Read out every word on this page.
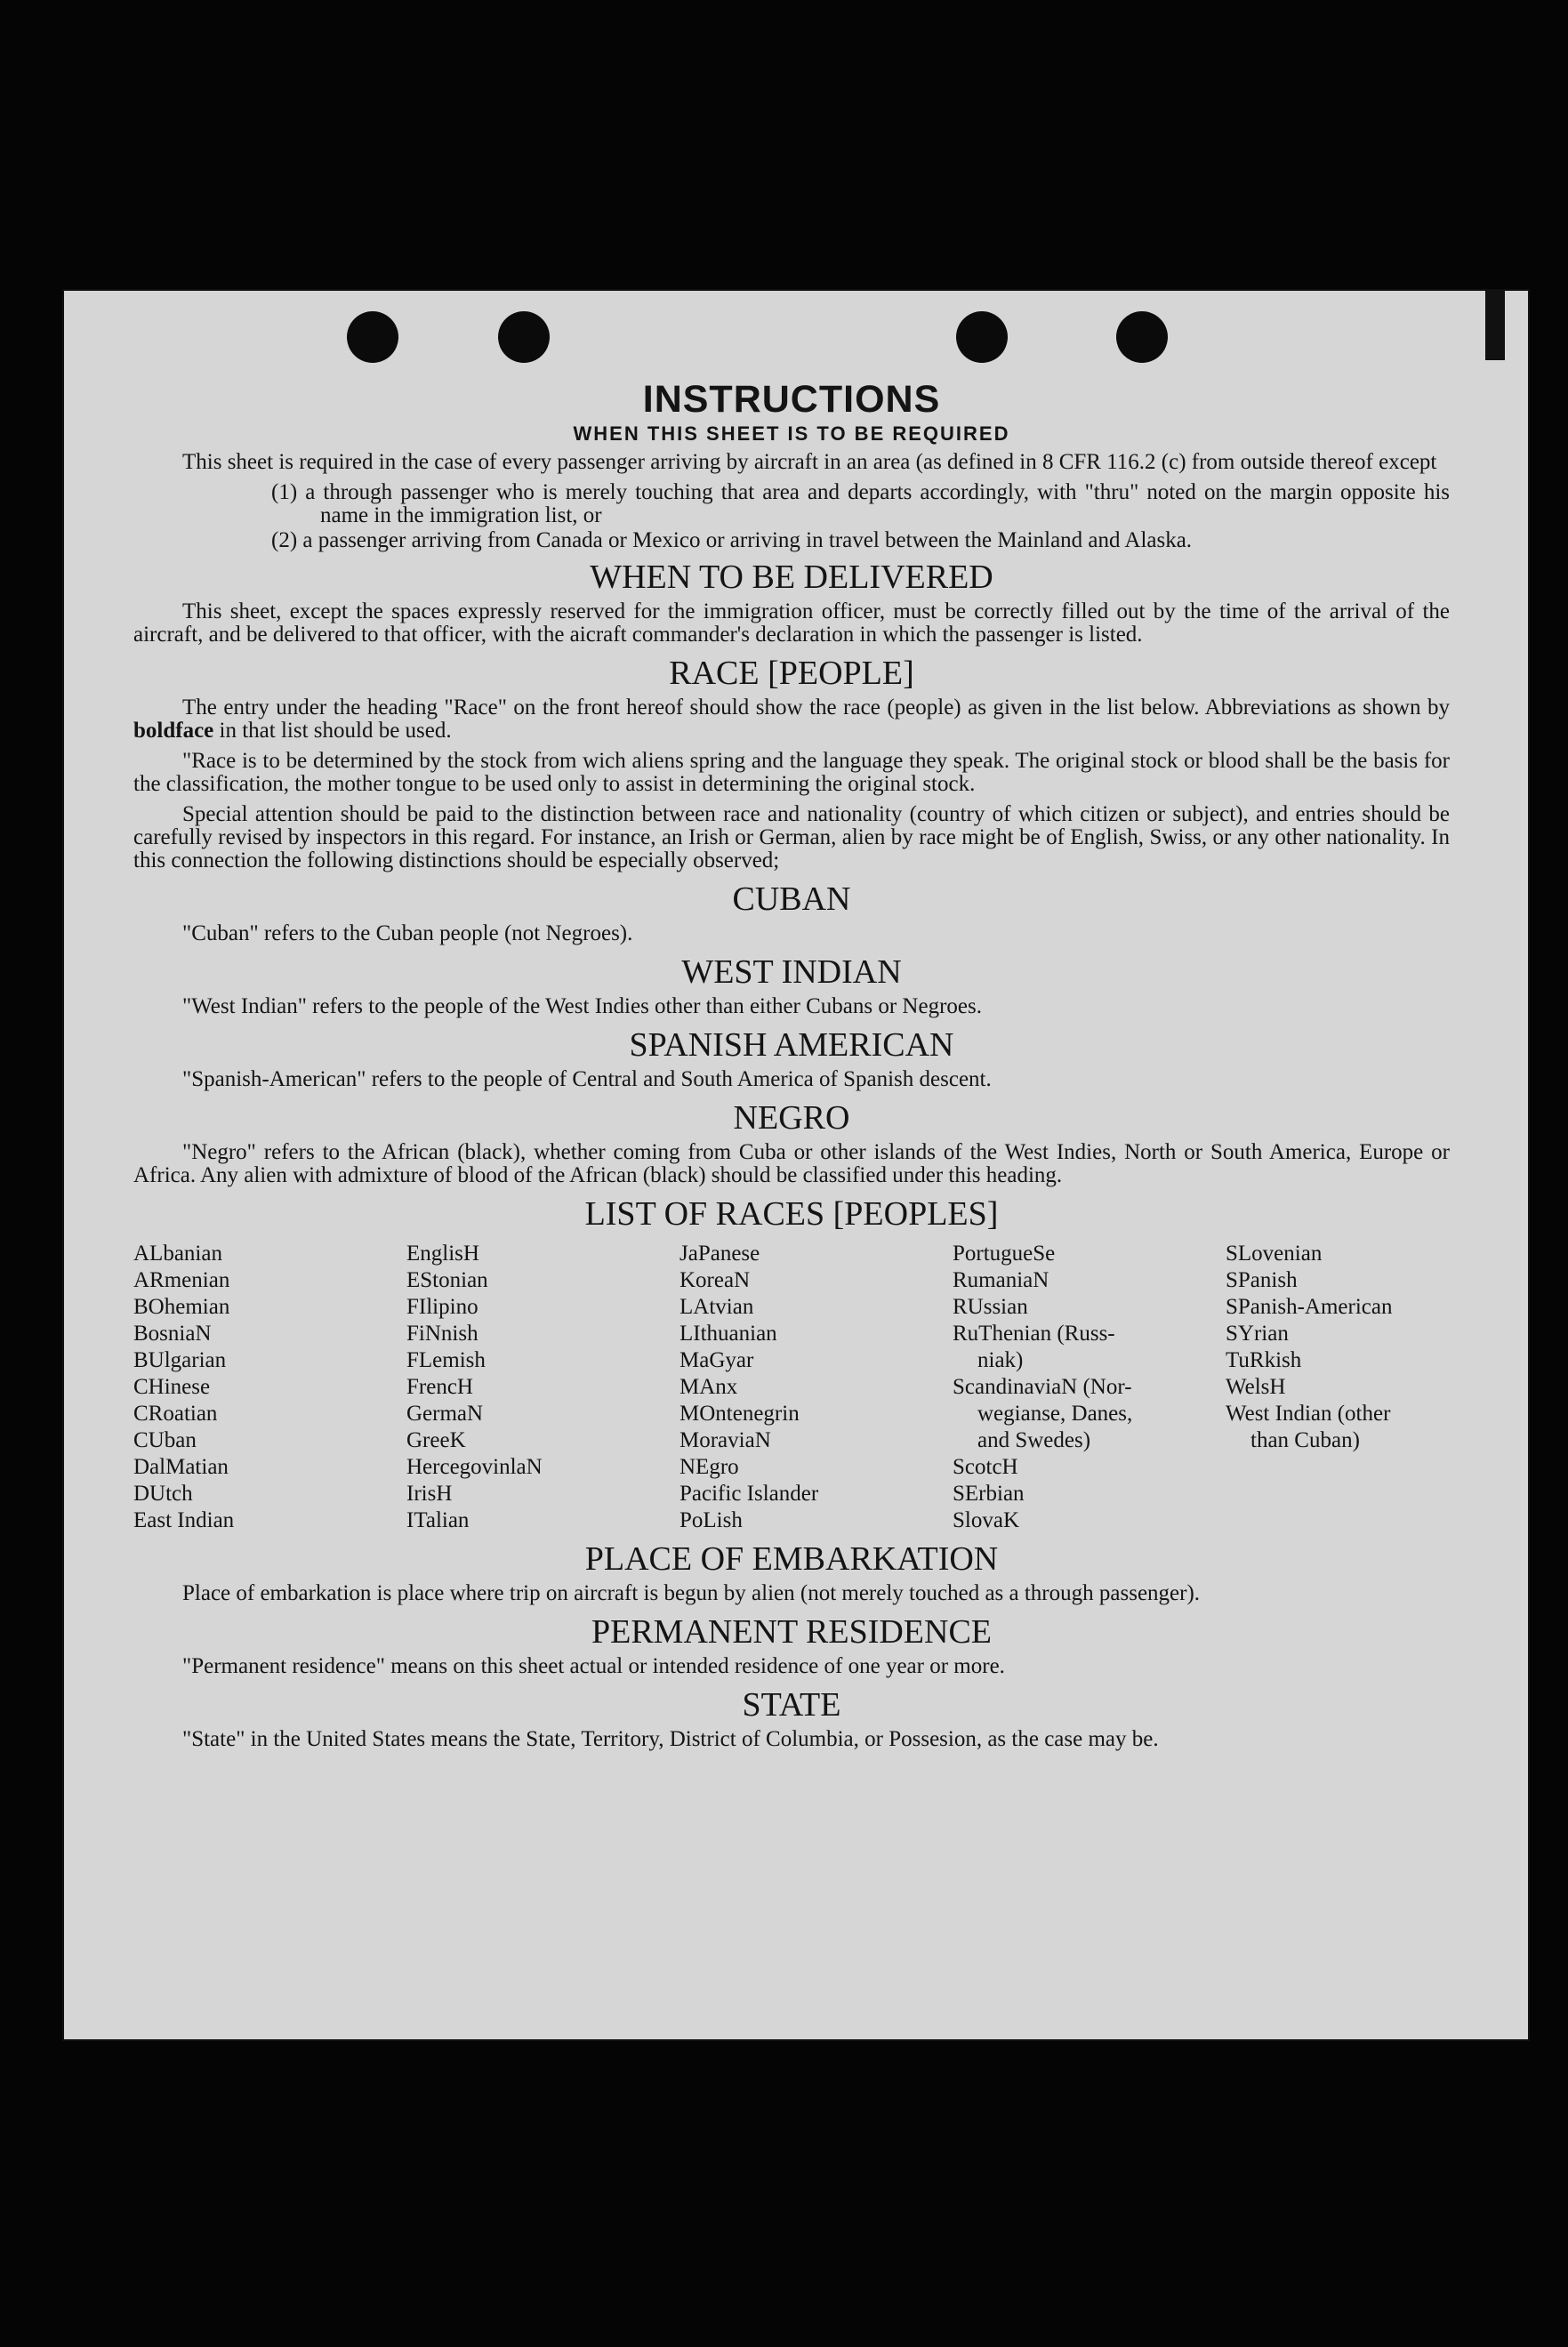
INSTRUCTIONS
WHEN THIS SHEET IS TO BE REQUIRED

This sheet is required in the case of every passenger arriving by aircraft in an area (as defined in 8 CFR 116.2 (c) from outside thereof except

(1) a through passenger who is merely touching that area and departs accordingly, with "thru" noted on the margin opposite his name in the immigration list, or
(2) a passenger arriving from Canada or Mexico or arriving in travel between the Mainland and Alaska.
WHEN TO BE DELIVERED

This sheet, except the spaces expressly reserved for the immigration officer, must be correctly filled out by the time of the arrival of the aircraft, and be delivered to that officer, with the aicraft commander's declaration in which the passenger is listed.

RACE [PEOPLE]

The entry under the heading "Race" on the front hereof should show the race (people) as given in the list below. Abbreviations as shown by boldface in that list should be used.

"Race is to be determined by the stock from wich aliens spring and the language they speak. The original stock or blood shall be the basis for the classification, the mother tongue to be used only to assist in determining the original stock.

Special attention should be paid to the distinction between race and nationality (country of which citizen or subject), and entries should be carefully revised by inspectors in this regard. For instance, an Irish or German, alien by race might be of English, Swiss, or any other nationality. In this connection the following distinctions should be especially observed;

CUBAN

"Cuban" refers to the Cuban people (not Negroes).

WEST INDIAN

"West Indian" refers to the people of the West Indies other than either Cubans or Negroes.

SPANISH AMERICAN

"Spanish-American" refers to the people of Central and South America of Spanish descent.

NEGRO

"Negro" refers to the African (black), whether coming from Cuba or other islands of the West Indies, North or South America, Europe or Africa. Any alien with admixture of blood of the African (black) should be classified under this heading.

LIST OF RACES [PEOPLES]
ALbanian
ARmenian
BOhemian
BosniaN
BUlgarian
CHinese
CRoatian
CUban
DalMatian
DUtch
East Indian
EnglisH
EStonian
FIlipino
FiNnish
FLemish
FrencH
GermaN
GreeK
HercegovinlaN
IrisH
ITalian
JaPanese
KoreaN
LAtvian
LIthuanian
MaGyar
MAnx
MOntenegrin
MoraviaN
NEgro
Pacific Islander
PoLish
PortugueSe
RumaniaN
RUssian
RuThenian (Russ-
niak)
ScandinaviaN (Nor-
wegianse, Danes,
and Swedes)
ScotcH
SErbian
SlovaK
SLovenian
SPanish
SPanish-American
SYrian
TuRkish
WelsH
West Indian (other
than Cuban)
PLACE OF EMBARKATION

Place of embarkation is place where trip on aircraft is begun by alien (not merely touched as a through passenger).

PERMANENT RESIDENCE

"Permanent residence" means on this sheet actual or intended residence of one year or more.

STATE

"State" in the United States means the State, Territory, District of Columbia, or Possesion, as the case may be.
